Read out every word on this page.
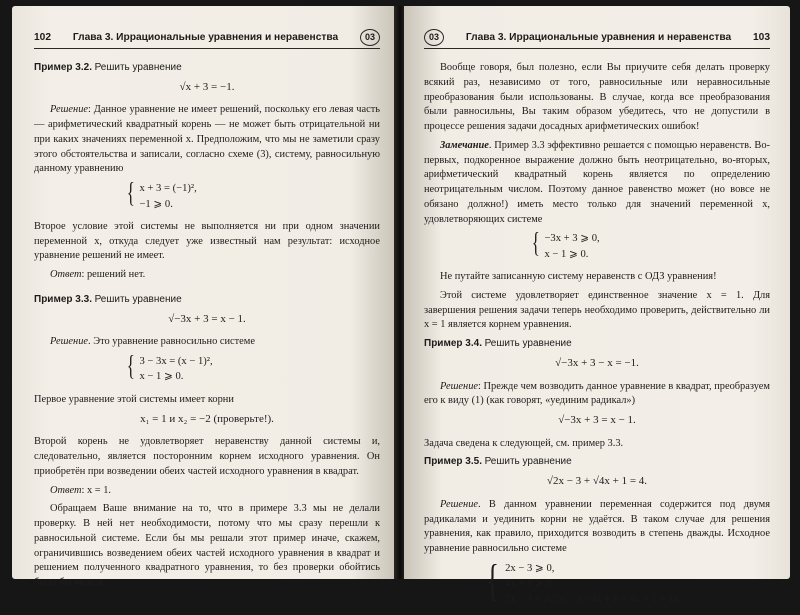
102	Глава 3. Иррациональные уравнения и неравенства	03

Пример 3.2. Решить уравнение

√x + 3 = −1.

Решение: Данное уравнение не имеет решений, поскольку его левая часть — арифметический квадратный корень — не может быть отрицательной ни при каких значениях переменной x. Предположим, что мы не заметили сразу этого обстоятельства и записали, согласно схеме (3), систему, равносильную данному уравнению

{ x + 3 = (−1)²,
−1 ⩾ 0.

Второе условие этой системы не выполняется ни при одном значении переменной x, откуда следует уже известный нам результат: исходное уравнение решений не имеет.

Ответ: решений нет.

Пример 3.3. Решить уравнение

√−3x + 3 = x − 1.

Решение. Это уравнение равносильно системе

{ 3 − 3x = (x − 1)²,
x − 1 ⩾ 0.

Первое уравнение этой системы имеет корни

x₁ = 1 и x₂ = −2 (проверьте!).

Второй корень не удовлетворяет неравенству данной системы и, следовательно, является посторонним корнем исходного уравнения. Он приобретён при возведении обеих частей исходного уравнения в квадрат.

Ответ: x = 1.

Обращаем Ваше внимание на то, что в примере 3.3 мы не делали проверку. В ней нет необходимости, потому что мы сразу перешли к равносильной системе. Если бы мы решали этот пример иначе, скажем, ограничившись возведением обеих частей исходного уравнения в квадрат и решением полученного квадратного уравнения, то без проверки обойтись было бы нельзя.

03	Глава 3. Иррациональные уравнения и неравенства	103

Вообще говоря, был полезно, если Вы приучите себя делать проверку всякий раз, независимо от того, равносильные или неравносильные преобразования были использованы. В случае, когда все преобразования были равносильны, Вы таким образом убедитесь, что не допустили в процессе решения задачи досадных арифметических ошибок!

Замечание. Пример 3.3 эффективно решается с помощью неравенств. Во-первых, подкоренное выражение должно быть неотрицательно, во-вторых, арифметический квадратный корень является по определению неотрицательным числом. Поэтому данное равенство может (но вовсе не обязано должно!) иметь место только для значений переменной x, удовлетворяющих системе

{ −3x + 3 ⩾ 0,
x − 1 ⩾ 0.

Не путайте записанную систему неравенств с ОДЗ уравнения!

Этой системе удовлетворяет единственное значение x = 1. Для завершения решения задачи теперь необходимо проверить, действительно ли x = 1 является корнем уравнения.

Пример 3.4. Решить уравнение

√−3x + 3 − x = −1.

Решение: Прежде чем возводить данное уравнение в квадрат, преобразуем его к виду (1) (как говорят, «уединим радикал»)

√−3x + 3 = x − 1.

Задача сведена к следующей, см. пример 3.3.

Пример 3.5. Решить уравнение

√2x − 3 + √4x + 1 = 4.

Решение. В данном уравнении переменная содержится под двумя радикалами и уединить корни не удаётся. В таком случае для решения уравнения, как правило, приходится возводить в степень дважды. Исходное уравнение равносильно системе

{ 2x − 3 ⩾ 0,
4x + 1 ⩾ 0,
2x − 3 + 2√2x − 3·√4x + 1 + 4x + 1 = 16.
